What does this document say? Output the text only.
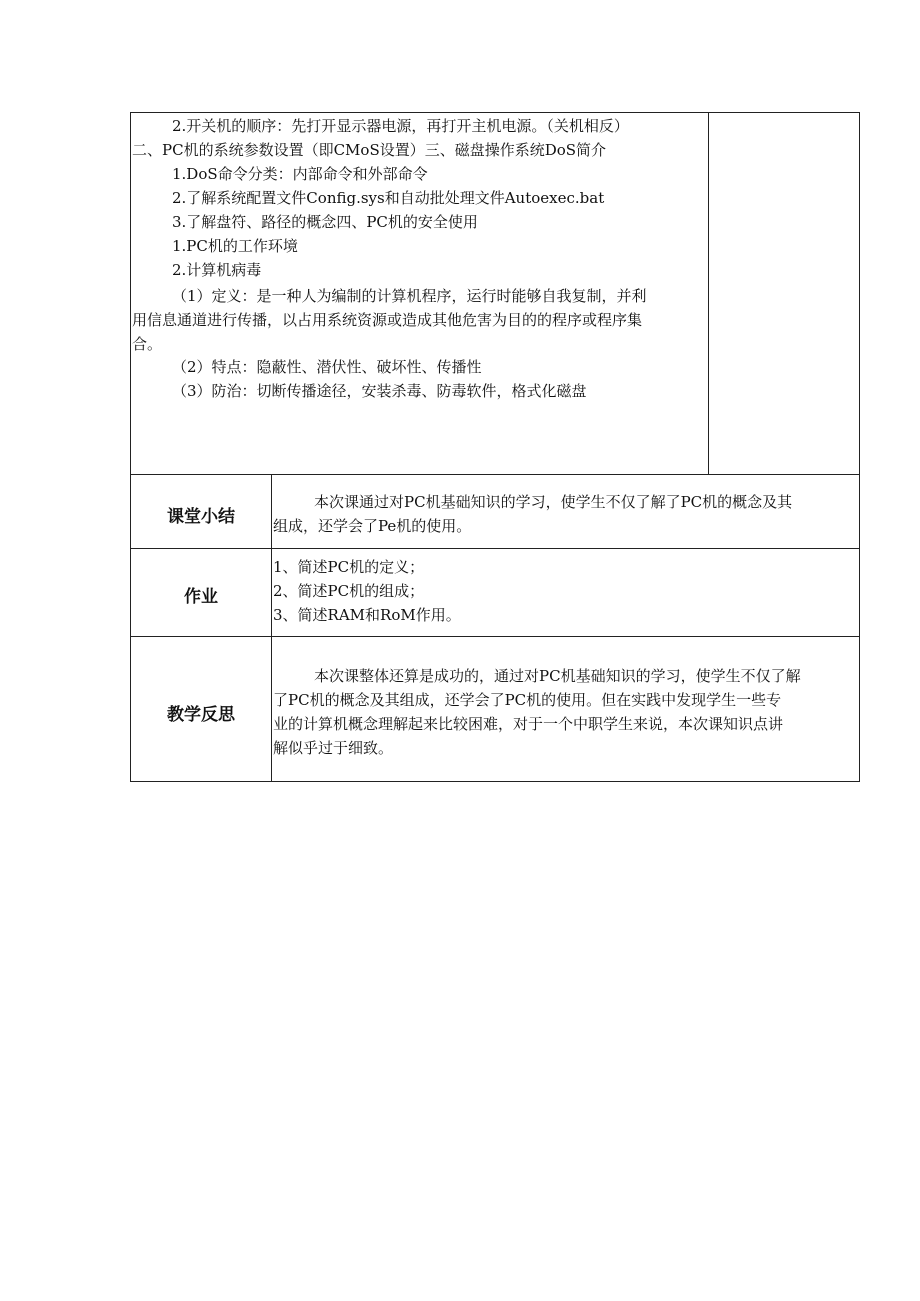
2.开关机的顺序：先打开显示器电源，再打开主机电源。（关机相反）
二、PC机的系统参数设置（即CMoS设置）三、磁盘操作系统DoS简介
1.DoS命令分类：内部命令和外部命令
2.了解系统配置文件Config.sys和自动批处理文件Autoexec.bat
3.了解盘符、路径的概念四、PC机的安全使用
1.PC机的工作环境
2.计算机病毒
（1）定义：是一种人为编制的计算机程序，运行时能够自我复制，并利
用信息通道进行传播，以占用系统资源或造成其他危害为目的的程序或程序集
合。
（2）特点：隐蔽性、潜伏性、破坏性、传播性
（3）防治：切断传播途径，安装杀毒、防毒软件，格式化磁盘
课堂小结
本次课通过对PC机基础知识的学习，使学生不仅了解了PC机的概念及其
组成，还学会了Pe机的使用。
作业
1、简述PC机的定义；
2、简述PC机的组成；
3、简述RAM和RoM作用。
教学反思
本次课整体还算是成功的，通过对PC机基础知识的学习，使学生不仅了解
了PC机的概念及其组成，还学会了PC机的使用。但在实践中发现学生一些专
业的计算机概念理解起来比较困难，对于一个中职学生来说，本次课知识点讲
解似乎过于细致。
